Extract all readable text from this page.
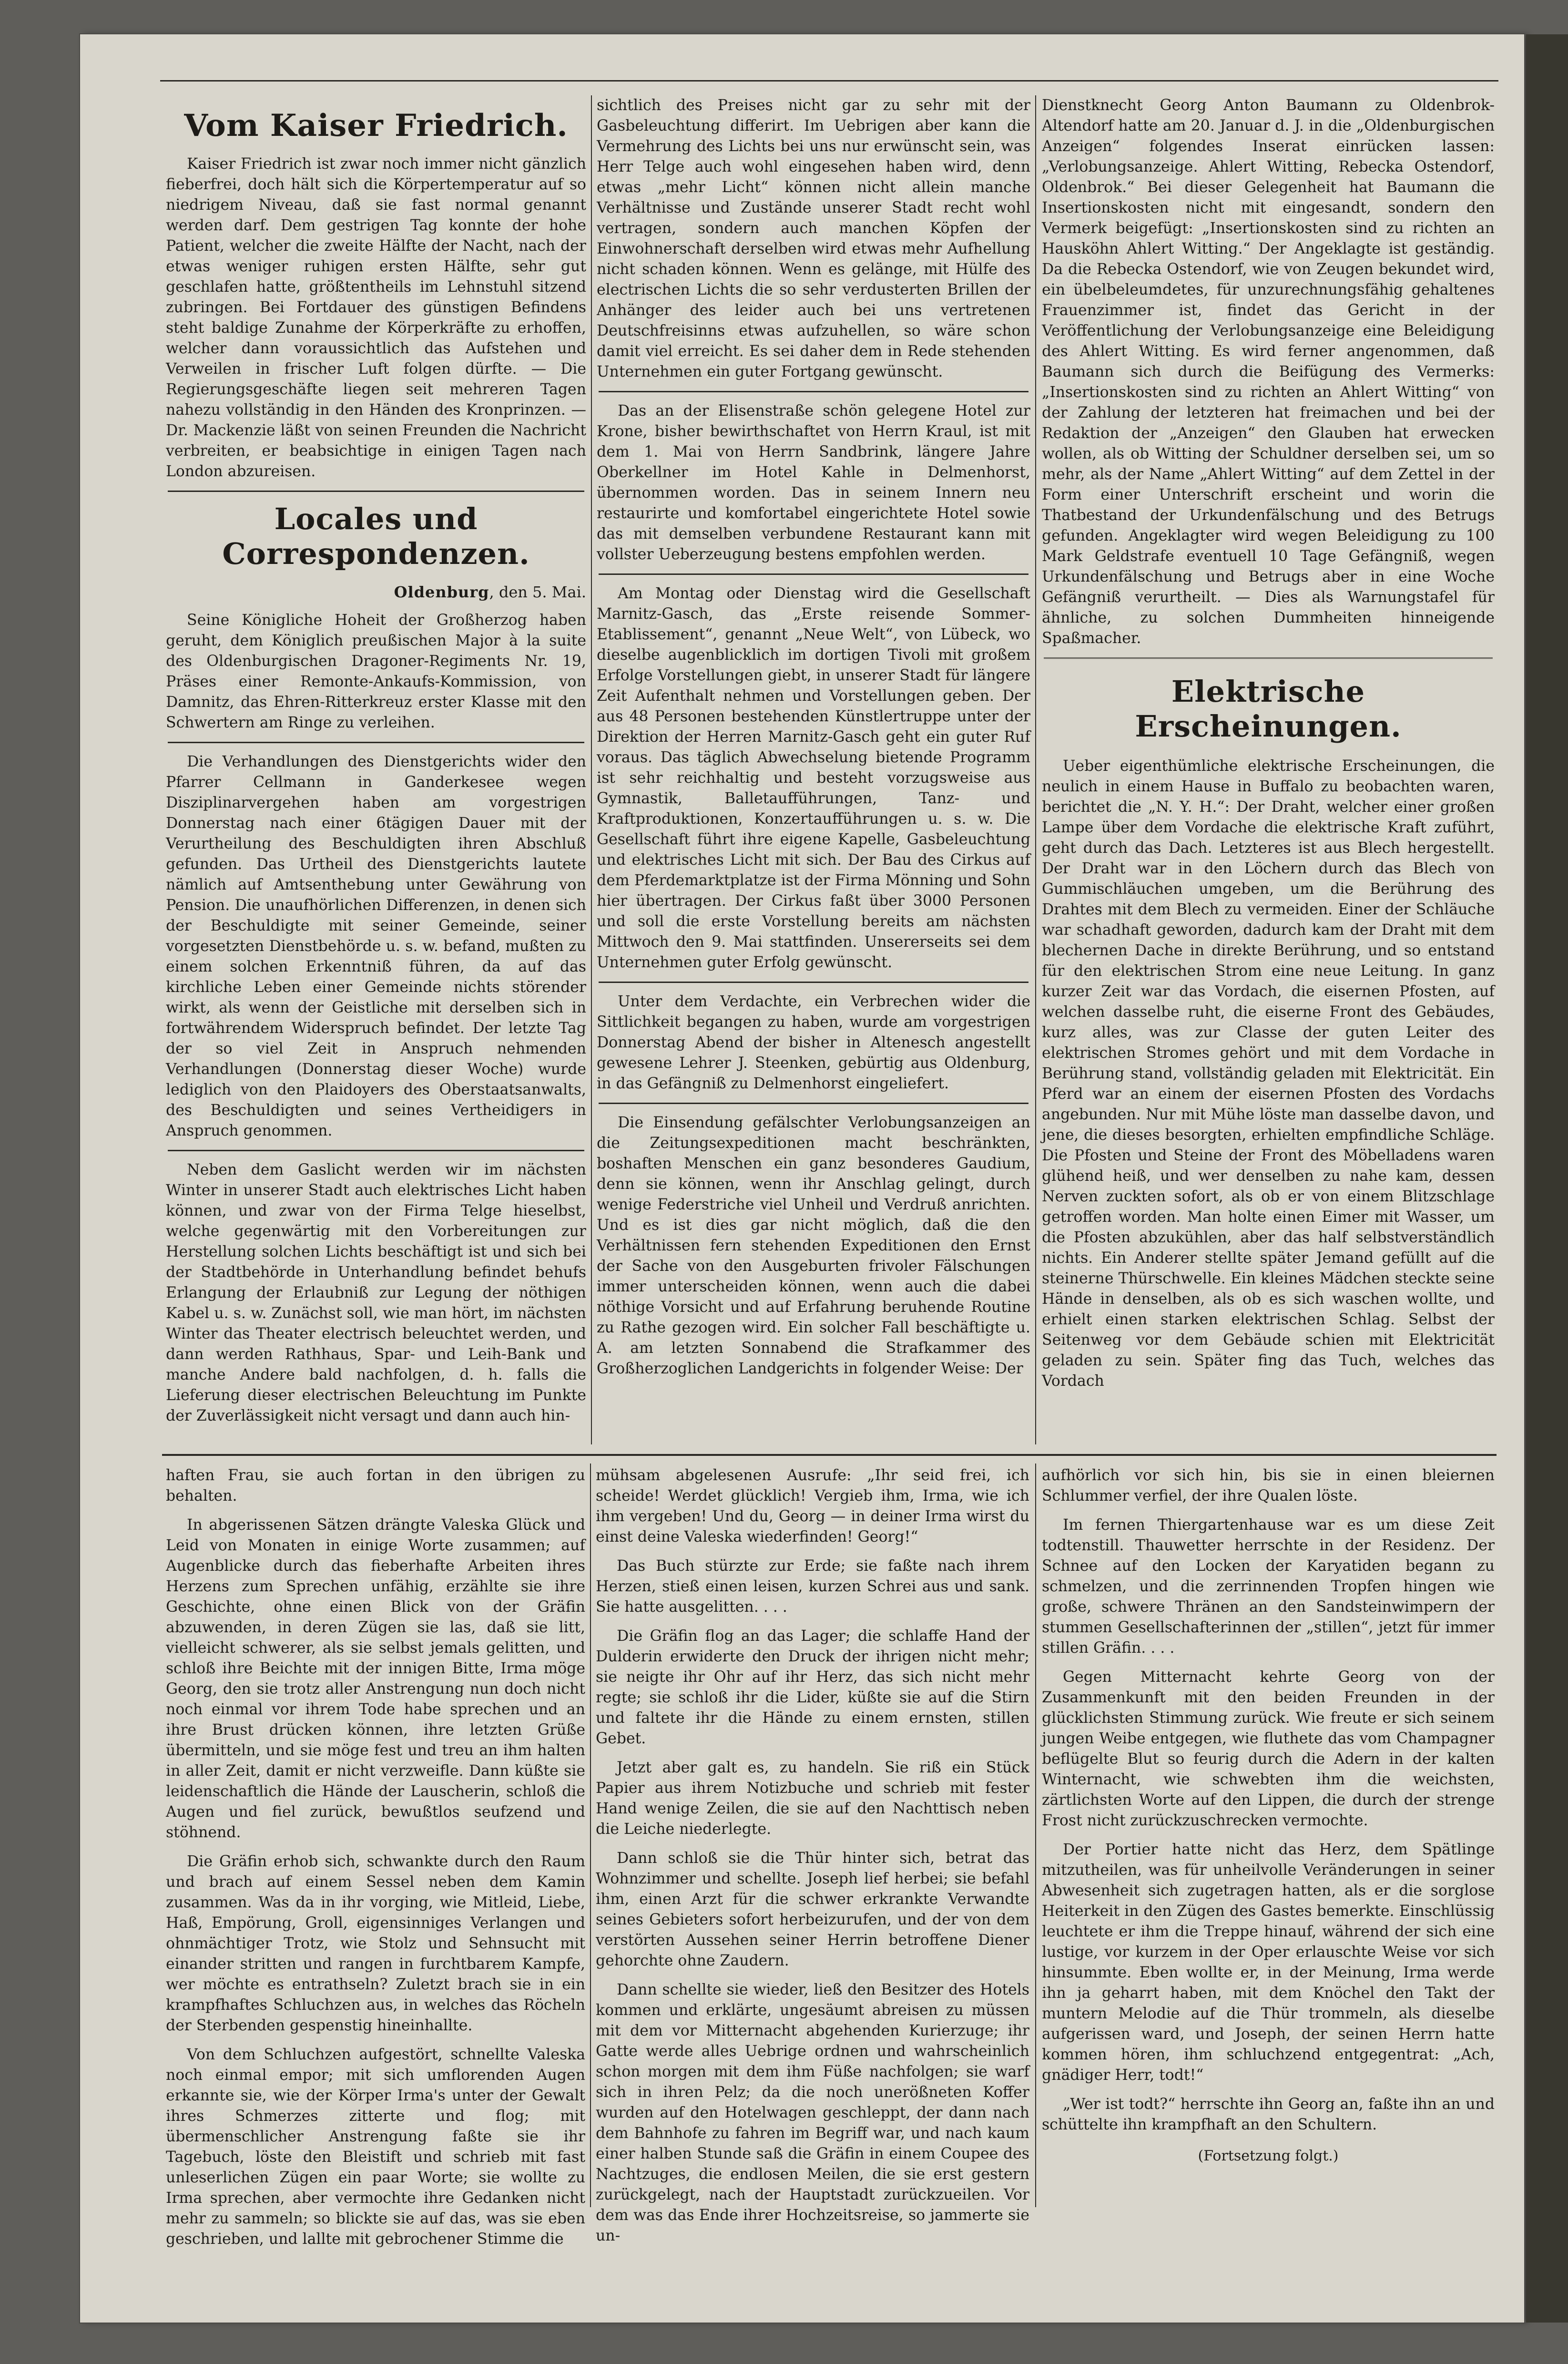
Vom Kaiser Friedrich.

Kaiser Friedrich ist zwar noch immer nicht gänzlich fieberfrei, doch hält sich die Körpertemperatur auf so niedrigem Niveau, daß sie fast normal genannt werden darf. Dem gestrigen Tag konnte der hohe Patient, welcher die zweite Hälfte der Nacht, nach der etwas weniger ruhigen ersten Hälfte, sehr gut geschlafen hatte, größtentheils im Lehnstuhl sitzend zubringen. Bei Fortdauer des günstigen Befindens steht baldige Zunahme der Körperkräfte zu erhoffen, welcher dann voraussichtlich das Aufstehen und Verweilen in frischer Luft folgen dürfte. — Die Regierungsgeschäfte liegen seit mehreren Tagen nahezu vollständig in den Händen des Kronprinzen. — Dr. Mackenzie läßt von seinen Freunden die Nachricht verbreiten, er beabsichtige in einigen Tagen nach London abzureisen.

Locales und Correspondenzen.
Oldenburg, den 5. Mai.

Seine Königliche Hoheit der Großherzog haben geruht, dem Königlich preußischen Major à la suite des Oldenburgischen Dragoner-Regiments Nr. 19, Präses einer Remonte-Ankaufs-Kommission, von Damnitz, das Ehren-Ritterkreuz erster Klasse mit den Schwertern am Ringe zu verleihen.

Die Verhandlungen des Dienstgerichts wider den Pfarrer Cellmann in Ganderkesee wegen Disziplinarvergehen haben am vorgestrigen Donnerstag nach einer 6tägigen Dauer mit der Verurtheilung des Beschuldigten ihren Abschluß gefunden. Das Urtheil des Dienstgerichts lautete nämlich auf Amtsenthebung unter Gewährung von Pension. Die unaufhörlichen Differenzen, in denen sich der Beschuldigte mit seiner Gemeinde, seiner vorgesetzten Dienstbehörde u. s. w. befand, mußten zu einem solchen Erkenntniß führen, da auf das kirchliche Leben einer Gemeinde nichts störender wirkt, als wenn der Geistliche mit derselben sich in fortwährendem Widerspruch befindet. Der letzte Tag der so viel Zeit in Anspruch nehmenden Verhandlungen (Donnerstag dieser Woche) wurde lediglich von den Plaidoyers des Oberstaatsanwalts, des Beschuldigten und seines Vertheidigers in Anspruch genommen.

Neben dem Gaslicht werden wir im nächsten Winter in unserer Stadt auch elektrisches Licht haben können, und zwar von der Firma Telge hieselbst, welche gegenwärtig mit den Vorbereitungen zur Herstellung solchen Lichts beschäftigt ist und sich bei der Stadtbehörde in Unterhandlung befindet behufs Erlangung der Erlaubniß zur Legung der nöthigen Kabel u. s. w. Zunächst soll, wie man hört, im nächsten Winter das Theater electrisch beleuchtet werden, und dann werden Rathhaus, Spar- und Leih-Bank und manche Andere bald nachfolgen, d. h. falls die Lieferung dieser electrischen Beleuchtung im Punkte der Zuverlässigkeit nicht versagt und dann auch hin-

sichtlich des Preises nicht gar zu sehr mit der Gasbeleuchtung differirt. Im Uebrigen aber kann die Vermehrung des Lichts bei uns nur erwünscht sein, was Herr Telge auch wohl eingesehen haben wird, denn etwas „mehr Licht“ können nicht allein manche Verhältnisse und Zustände unserer Stadt recht wohl vertragen, sondern auch manchen Köpfen der Einwohnerschaft derselben wird etwas mehr Aufhellung nicht schaden können. Wenn es gelänge, mit Hülfe des electrischen Lichts die so sehr verdusterten Brillen der Anhänger des leider auch bei uns vertretenen Deutschfreisinns etwas aufzuhellen, so wäre schon damit viel erreicht. Es sei daher dem in Rede stehenden Unternehmen ein guter Fortgang gewünscht.

Das an der Elisenstraße schön gelegene Hotel zur Krone, bisher bewirthschaftet von Herrn Kraul, ist mit dem 1. Mai von Herrn Sandbrink, längere Jahre Oberkellner im Hotel Kahle in Delmenhorst, übernommen worden. Das in seinem Innern neu restaurirte und komfortabel eingerichtete Hotel sowie das mit demselben verbundene Restaurant kann mit vollster Ueberzeugung bestens empfohlen werden.

Am Montag oder Dienstag wird die Gesellschaft Marnitz-Gasch, das „Erste reisende Sommer-Etablissement“, genannt „Neue Welt“, von Lübeck, wo dieselbe augenblicklich im dortigen Tivoli mit großem Erfolge Vorstellungen giebt, in unserer Stadt für längere Zeit Aufenthalt nehmen und Vorstellungen geben. Der aus 48 Personen bestehenden Künstlertruppe unter der Direktion der Herren Marnitz-Gasch geht ein guter Ruf voraus. Das täglich Abwechselung bietende Programm ist sehr reichhaltig und besteht vorzugsweise aus Gymnastik, Balletaufführungen, Tanz- und Kraftproduktionen, Konzertaufführungen u. s. w. Die Gesellschaft führt ihre eigene Kapelle, Gasbeleuchtung und elektrisches Licht mit sich. Der Bau des Cirkus auf dem Pferdemarktplatze ist der Firma Mönning und Sohn hier übertragen. Der Cirkus faßt über 3000 Personen und soll die erste Vorstellung bereits am nächsten Mittwoch den 9. Mai stattfinden. Unsererseits sei dem Unternehmen guter Erfolg gewünscht.

Unter dem Verdachte, ein Verbrechen wider die Sittlichkeit begangen zu haben, wurde am vorgestrigen Donnerstag Abend der bisher in Altenesch angestellt gewesene Lehrer J. Steenken, gebürtig aus Oldenburg, in das Gefängniß zu Delmenhorst eingeliefert.

Die Einsendung gefälschter Verlobungsanzeigen an die Zeitungsexpeditionen macht beschränkten, boshaften Menschen ein ganz besonderes Gaudium, denn sie können, wenn ihr Anschlag gelingt, durch wenige Federstriche viel Unheil und Verdruß anrichten. Und es ist dies gar nicht möglich, daß die den Verhältnissen fern stehenden Expeditionen den Ernst der Sache von den Ausgeburten frivoler Fälschungen immer unterscheiden können, wenn auch die dabei nöthige Vorsicht und auf Erfahrung beruhende Routine zu Rathe gezogen wird. Ein solcher Fall beschäftigte u. A. am letzten Sonnabend die Strafkammer des Großherzoglichen Landgerichts in folgender Weise: Der

Dienstknecht Georg Anton Baumann zu Oldenbrok-Altendorf hatte am 20. Januar d. J. in die „Oldenburgischen Anzeigen“ folgendes Inserat einrücken lassen: „Verlobungsanzeige. Ahlert Witting, Rebecka Ostendorf, Oldenbrok.“ Bei dieser Gelegenheit hat Baumann die Insertionskosten nicht mit eingesandt, sondern den Vermerk beigefügt: „Insertionskosten sind zu richten an Hausköhn Ahlert Witting.“ Der Angeklagte ist geständig. Da die Rebecka Ostendorf, wie von Zeugen bekundet wird, ein übelbeleumdetes, für unzurechnungsfähig gehaltenes Frauenzimmer ist, findet das Gericht in der Veröffentlichung der Verlobungsanzeige eine Beleidigung des Ahlert Witting. Es wird ferner angenommen, daß Baumann sich durch die Beifügung des Vermerks: „Insertionskosten sind zu richten an Ahlert Witting“ von der Zahlung der letzteren hat freimachen und bei der Redaktion der „Anzeigen“ den Glauben hat erwecken wollen, als ob Witting der Schuldner derselben sei, um so mehr, als der Name „Ahlert Witting“ auf dem Zettel in der Form einer Unterschrift erscheint und worin die Thatbestand der Urkundenfälschung und des Betrugs gefunden. Angeklagter wird wegen Beleidigung zu 100 Mark Geldstrafe eventuell 10 Tage Gefängniß, wegen Urkundenfälschung und Betrugs aber in eine Woche Gefängniß verurtheilt. — Dies als Warnungstafel für ähnliche, zu solchen Dummheiten hinneigende Spaßmacher.

Elektrische Erscheinungen.

Ueber eigenthümliche elektrische Erscheinungen, die neulich in einem Hause in Buffalo zu beobachten waren, berichtet die „N. Y. H.“: Der Draht, welcher einer großen Lampe über dem Vordache die elektrische Kraft zuführt, geht durch das Dach. Letzteres ist aus Blech hergestellt. Der Draht war in den Löchern durch das Blech von Gummischläuchen umgeben, um die Berührung des Drahtes mit dem Blech zu vermeiden. Einer der Schläuche war schadhaft geworden, dadurch kam der Draht mit dem blechernen Dache in direkte Berührung, und so entstand für den elektrischen Strom eine neue Leitung. In ganz kurzer Zeit war das Vordach, die eisernen Pfosten, auf welchen dasselbe ruht, die eiserne Front des Gebäudes, kurz alles, was zur Classe der guten Leiter des elektrischen Stromes gehört und mit dem Vordache in Berührung stand, vollständig geladen mit Elektricität. Ein Pferd war an einem der eisernen Pfosten des Vordachs angebunden. Nur mit Mühe löste man dasselbe davon, und jene, die dieses besorgten, erhielten empfindliche Schläge. Die Pfosten und Steine der Front des Möbelladens waren glühend heiß, und wer denselben zu nahe kam, dessen Nerven zuckten sofort, als ob er von einem Blitzschlage getroffen worden. Man holte einen Eimer mit Wasser, um die Pfosten abzukühlen, aber das half selbstverständlich nichts. Ein Anderer stellte später Jemand gefüllt auf die steinerne Thürschwelle. Ein kleines Mädchen steckte seine Hände in denselben, als ob es sich waschen wollte, und erhielt einen starken elektrischen Schlag. Selbst der Seitenweg vor dem Gebäude schien mit Elektricität geladen zu sein. Später fing das Tuch, welches das Vordach

haften Frau, sie auch fortan in den übrigen zu behalten.

In abgerissenen Sätzen drängte Valeska Glück und Leid von Monaten in einige Worte zusammen; auf Augenblicke durch das fieberhafte Arbeiten ihres Herzens zum Sprechen unfähig, erzählte sie ihre Geschichte, ohne einen Blick von der Gräfin abzuwenden, in deren Zügen sie las, daß sie litt, vielleicht schwerer, als sie selbst jemals gelitten, und schloß ihre Beichte mit der innigen Bitte, Irma möge Georg, den sie trotz aller Anstrengung nun doch nicht noch einmal vor ihrem Tode habe sprechen und an ihre Brust drücken können, ihre letzten Grüße übermitteln, und sie möge fest und treu an ihm halten in aller Zeit, damit er nicht verzweifle. Dann küßte sie leidenschaftlich die Hände der Lauscherin, schloß die Augen und fiel zurück, bewußtlos seufzend und stöhnend.

Die Gräfin erhob sich, schwankte durch den Raum und brach auf einem Sessel neben dem Kamin zusammen. Was da in ihr vorging, wie Mitleid, Liebe, Haß, Empörung, Groll, eigensinniges Verlangen und ohnmächtiger Trotz, wie Stolz und Sehnsucht mit einander stritten und rangen in furchtbarem Kampfe, wer möchte es entrathseln? Zuletzt brach sie in ein krampfhaftes Schluchzen aus, in welches das Röcheln der Sterbenden gespenstig hineinhallte.

Von dem Schluchzen aufgestört, schnellte Valeska noch einmal empor; mit sich umflorenden Augen erkannte sie, wie der Körper Irma's unter der Gewalt ihres Schmerzes zitterte und flog; mit übermenschlicher Anstrengung faßte sie ihr Tagebuch, löste den Bleistift und schrieb mit fast unleserlichen Zügen ein paar Worte; sie wollte zu Irma sprechen, aber vermochte ihre Gedanken nicht mehr zu sammeln; so blickte sie auf das, was sie eben geschrieben, und lallte mit gebrochener Stimme die

mühsam abgelesenen Ausrufe: „Ihr seid frei, ich scheide! Werdet glücklich! Vergieb ihm, Irma, wie ich ihm vergeben! Und du, Georg — in deiner Irma wirst du einst deine Valeska wiederfinden! Georg!“

Das Buch stürzte zur Erde; sie faßte nach ihrem Herzen, stieß einen leisen, kurzen Schrei aus und sank. Sie hatte ausgelitten. . . .

Die Gräfin flog an das Lager; die schlaffe Hand der Dulderin erwiderte den Druck der ihrigen nicht mehr; sie neigte ihr Ohr auf ihr Herz, das sich nicht mehr regte; sie schloß ihr die Lider, küßte sie auf die Stirn und faltete ihr die Hände zu einem ernsten, stillen Gebet.

Jetzt aber galt es, zu handeln. Sie riß ein Stück Papier aus ihrem Notizbuche und schrieb mit fester Hand wenige Zeilen, die sie auf den Nachttisch neben die Leiche niederlegte.

Dann schloß sie die Thür hinter sich, betrat das Wohnzimmer und schellte. Joseph lief herbei; sie befahl ihm, einen Arzt für die schwer erkrankte Verwandte seines Gebieters sofort herbeizurufen, und der von dem verstörten Aussehen seiner Herrin betroffene Diener gehorchte ohne Zaudern.

Dann schellte sie wieder, ließ den Besitzer des Hotels kommen und erklärte, ungesäumt abreisen zu müssen mit dem vor Mitternacht abgehenden Kurierzuge; ihr Gatte werde alles Uebrige ordnen und wahrscheinlich schon morgen mit dem ihm Füße nachfolgen; sie warf sich in ihren Pelz; da die noch unerößneten Koffer wurden auf den Hotelwagen geschleppt, der dann nach dem Bahnhofe zu fahren im Begriff war, und nach kaum einer halben Stunde saß die Gräfin in einem Coupee des Nachtzuges, die endlosen Meilen, die sie erst gestern zurückgelegt, nach der Hauptstadt zurückzueilen. Vor dem was das Ende ihrer Hochzeitsreise, so jammerte sie un-

aufhörlich vor sich hin, bis sie in einen bleiernen Schlummer verfiel, der ihre Qualen löste.

Im fernen Thiergartenhause war es um diese Zeit todtenstill. Thauwetter herrschte in der Residenz. Der Schnee auf den Locken der Karyatiden begann zu schmelzen, und die zerrinnenden Tropfen hingen wie große, schwere Thränen an den Sandsteinwimpern der stummen Gesellschafterinnen der „stillen“, jetzt für immer stillen Gräfin. . . .

Gegen Mitternacht kehrte Georg von der Zusammenkunft mit den beiden Freunden in der glücklichsten Stimmung zurück. Wie freute er sich seinem jungen Weibe entgegen, wie fluthete das vom Champagner beflügelte Blut so feurig durch die Adern in der kalten Winternacht, wie schwebten ihm die weichsten, zärtlichsten Worte auf den Lippen, die durch der strenge Frost nicht zurückzuschrecken vermochte.

Der Portier hatte nicht das Herz, dem Spätlinge mitzutheilen, was für unheilvolle Veränderungen in seiner Abwesenheit sich zugetragen hatten, als er die sorglose Heiterkeit in den Zügen des Gastes bemerkte. Einschlüssig leuchtete er ihm die Treppe hinauf, während der sich eine lustige, vor kurzem in der Oper erlauschte Weise vor sich hinsummte. Eben wollte er, in der Meinung, Irma werde ihn ja geharrt haben, mit dem Knöchel den Takt der muntern Melodie auf die Thür trommeln, als dieselbe aufgerissen ward, und Joseph, der seinen Herrn hatte kommen hören, ihm schluchzend entgegentrat: „Ach, gnädiger Herr, todt!“

„Wer ist todt?“ herrschte ihn Georg an, faßte ihn an und schüttelte ihn krampfhaft an den Schultern.

(Fortsetzung folgt.)
